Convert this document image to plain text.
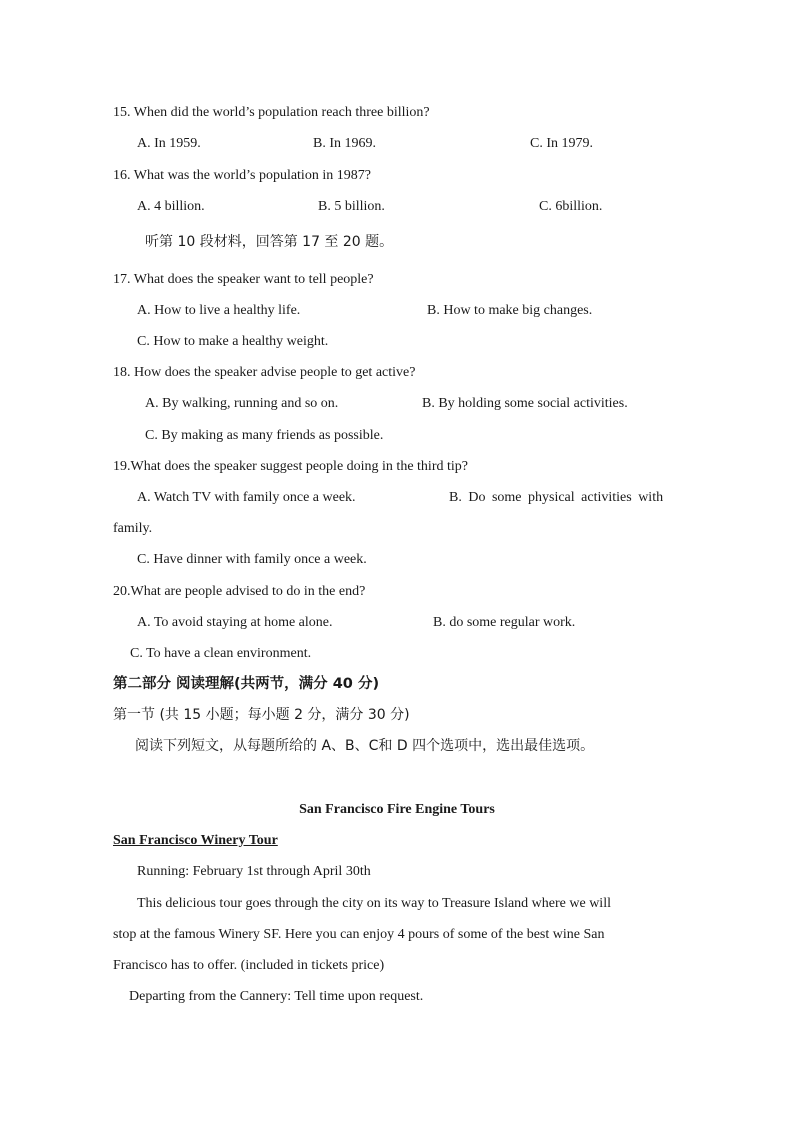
15. When did the world’s population reach three billion?
A. In 1959.	B. In 1969.	C. In 1979.
16. What was the world’s population in 1987?
A. 4 billion.	B. 5 billion.	C. 6billion.
听第 10 段材料，回答第 17 至 20 题。
17. What does the speaker want to tell people?
A. How to live a healthy life.	B. How to make big changes.
C. How to make a healthy weight.
18. How does the speaker advise people to get active?
A. By walking, running and so on.	B. By holding some social activities.
C. By making as many friends as possible.
19.What does the speaker suggest people doing in the third tip?
A. Watch TV with family once a week.	B. Do some physical activities with
family.
C. Have dinner with family once a week.
20.What are people advised to do in the end?
A. To avoid staying at home alone.	B. do some regular work.
C. To have a clean environment.
第二部分 阅读理解(共两节，满分 40 分)
第一节 (共 15 小题；每小题 2 分，满分 30 分)
阅读下列短文，从每题所给的 A、B、C和 D 四个选项中，选出最佳选项。
San Francisco Fire Engine Tours
San Francisco Winery Tour
Running: February 1st through April 30th
This delicious tour goes through the city on its way to Treasure Island where we will
stop at the famous Winery SF. Here you can enjoy 4 pours of some of the best wine San
Francisco has to offer. (included in tickets price)
Departing from the Cannery: Tell time upon request.
